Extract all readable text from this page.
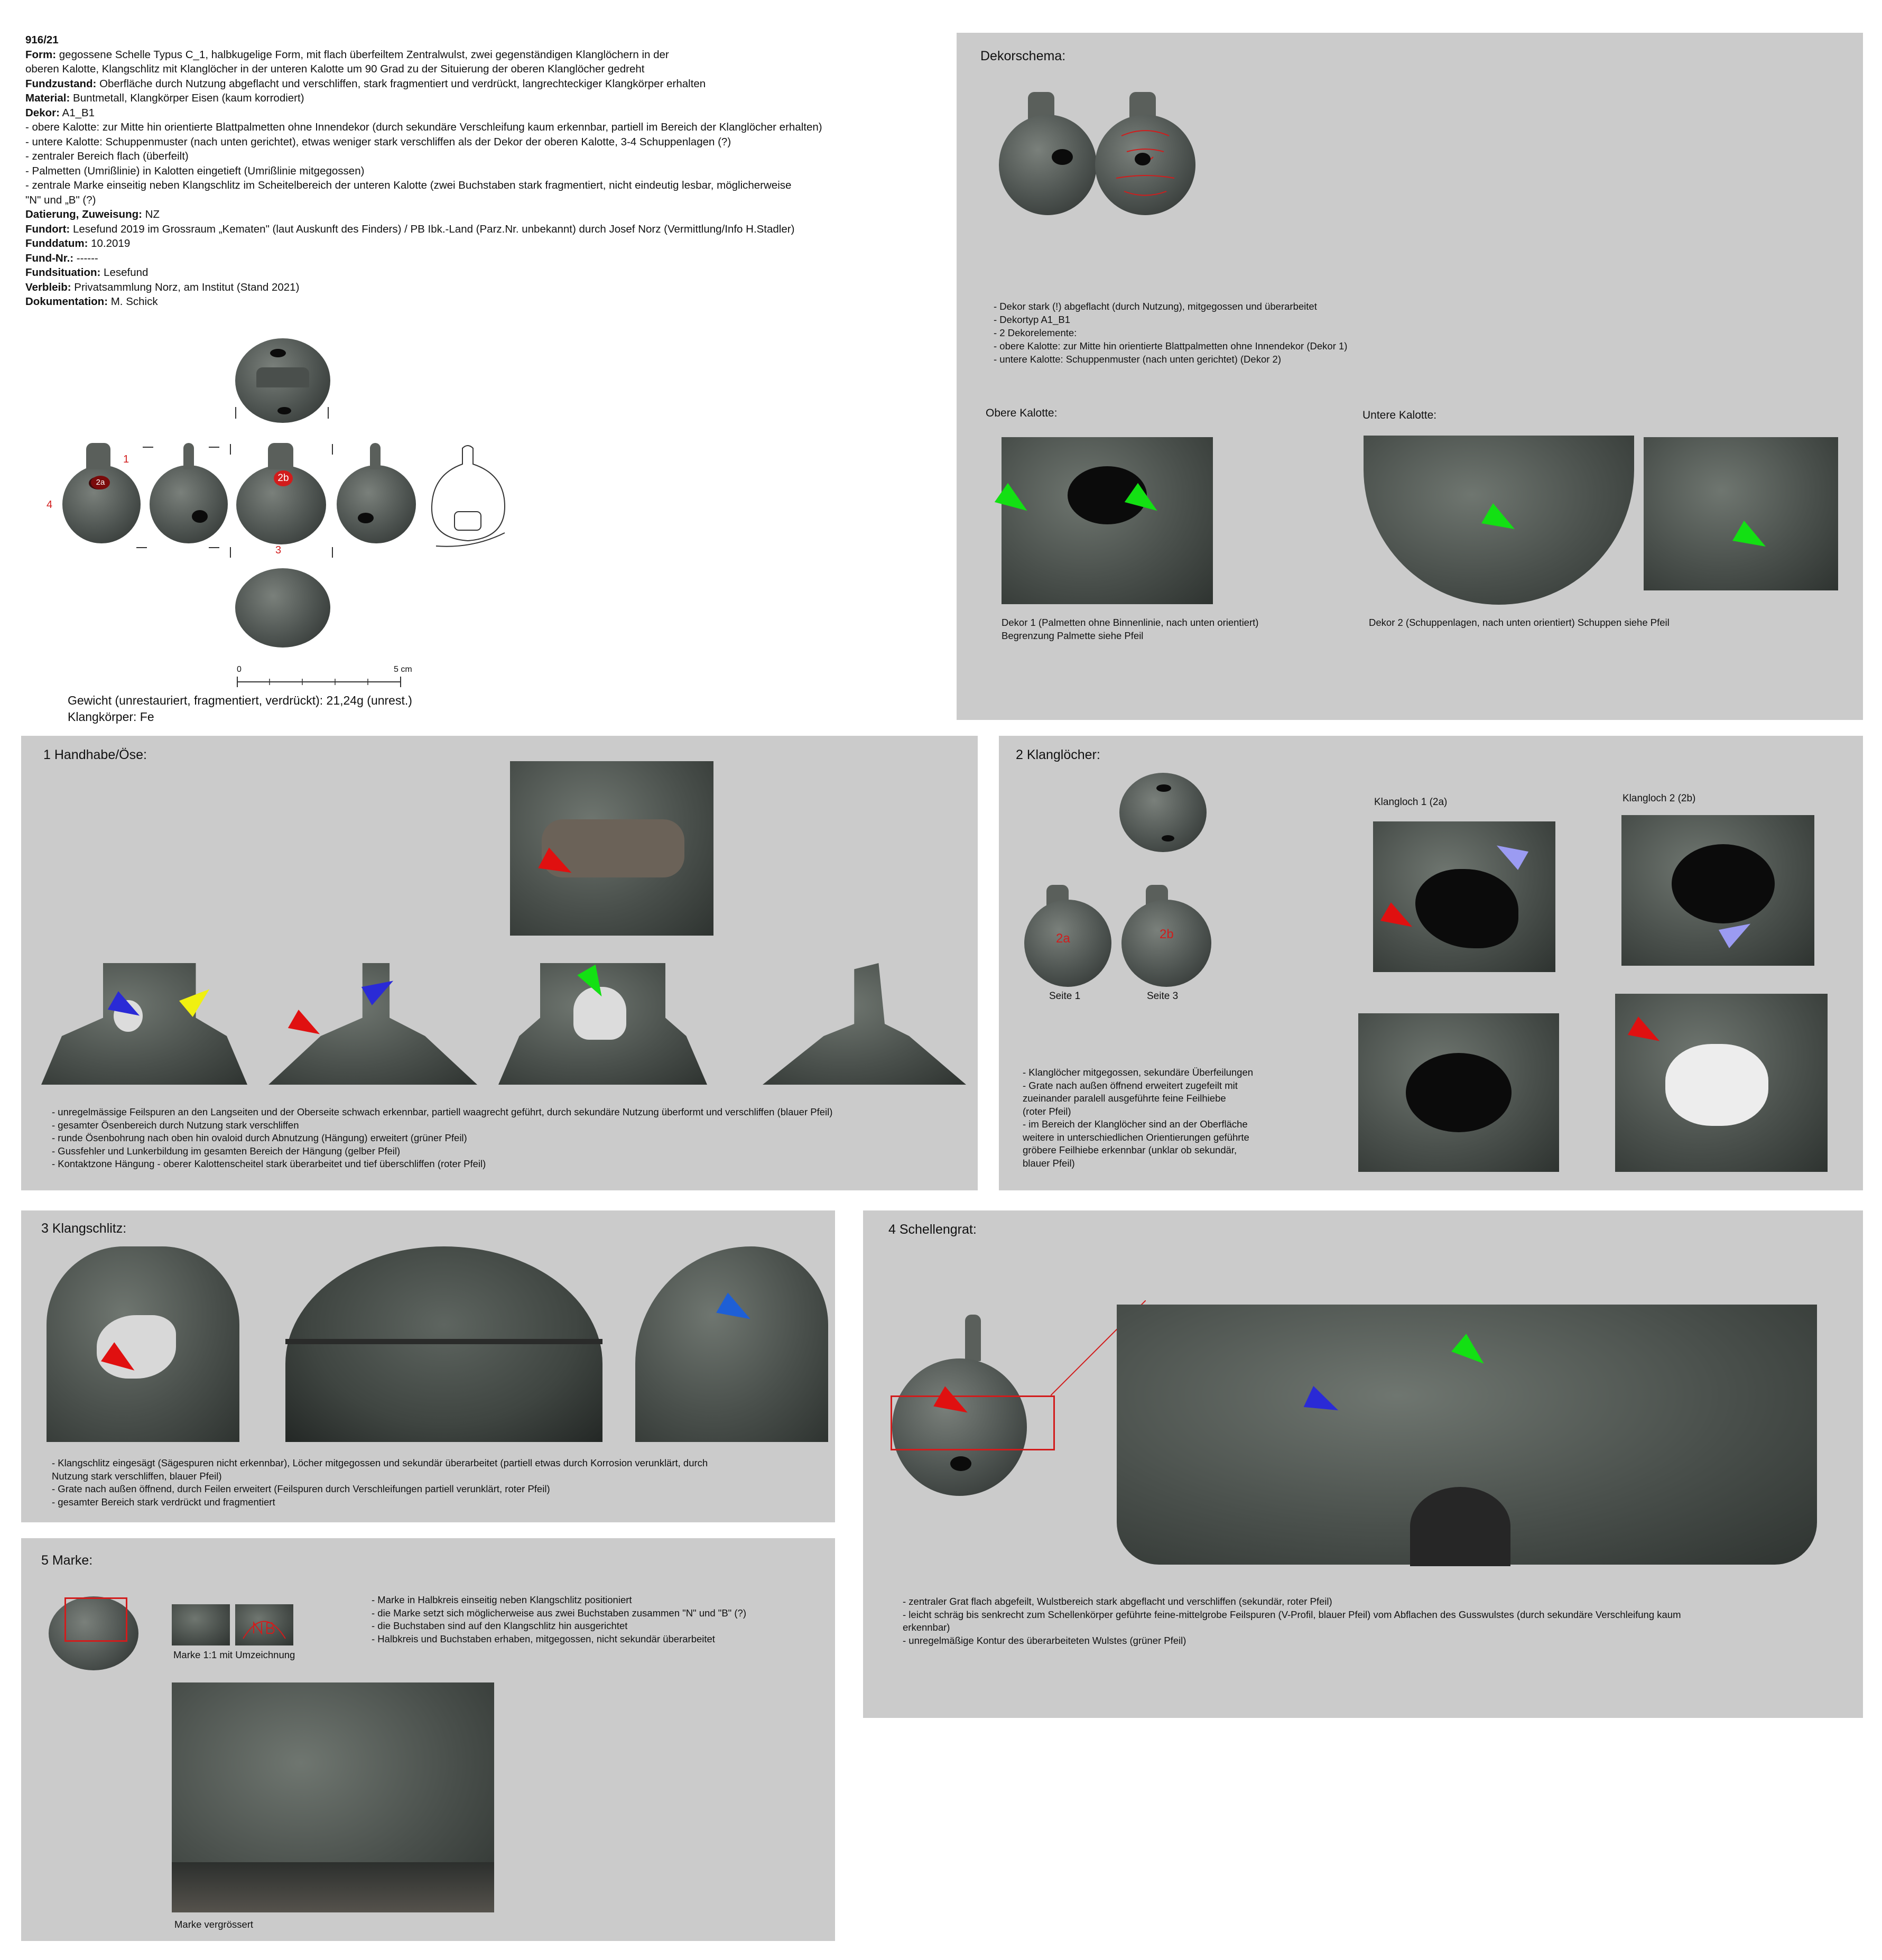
916/21
Form: gegossene Schelle Typus C_1, halbkugelige Form, mit flach überfeiltem Zentralwulst, zwei gegenständigen Klanglöchern in der
oberen Kalotte, Klangschlitz mit Klanglöcher in der unteren Kalotte um 90 Grad zu der Situierung der oberen Klanglöcher gedreht
Fundzustand: Oberfläche durch Nutzung abgeflacht und verschliffen, stark fragmentiert und verdrückt, langrechteckiger Klangkörper erhalten
Material: Buntmetall, Klangkörper Eisen (kaum korrodiert)
Dekor: A1_B1
- obere Kalotte: zur Mitte hin orientierte Blattpalmetten ohne Innendekor (durch sekundäre Verschleifung kaum erkennbar, partiell im Bereich der Klanglöcher erhalten)
- untere Kalotte: Schuppenmuster (nach unten gerichtet), etwas weniger stark verschliffen als der Dekor der oberen Kalotte, 3-4 Schuppenlagen (?)
- zentraler Bereich flach (überfeilt)
- Palmetten (Umrißlinie) in Kalotten eingetieft (Umrißlinie mitgegossen)
- zentrale Marke einseitig neben Klangschlitz im Scheitelbereich der unteren Kalotte (zwei Buchstaben stark fragmentiert, nicht eindeutig lesbar, möglicherweise
"N" und „B" (?)
Datierung, Zuweisung: NZ
Fundort: Lesefund 2019 im Grossraum „Kematen" (laut Auskunft des Finders) / PB Ibk.-Land (Parz.Nr. unbekannt) durch Josef Norz (Vermittlung/Info H.Stadler)
Funddatum: 10.2019
Fund-Nr.: ------
Fundsituation: Lesefund
Verbleib: Privatsammlung Norz, am Institut (Stand 2021)
Dokumentation: M. Schick
1
4
3
2b
2a
0	5 cm
Gewicht (unrestauriert, fragmentiert, verdrückt): 21,24g (unrest.)
Klangkörper: Fe
Dekorschema:
- Dekor stark (!) abgeflacht (durch Nutzung), mitgegossen und überarbeitet
- Dekortyp A1_B1
- 2 Dekorelemente:
- obere Kalotte: zur Mitte hin orientierte Blattpalmetten ohne Innendekor (Dekor 1)
- untere Kalotte: Schuppenmuster (nach unten gerichtet) (Dekor 2)
Obere Kalotte:	Untere Kalotte:
Dekor 1 (Palmetten ohne Binnenlinie, nach unten orientiert)
Begrenzung Palmette siehe Pfeil
Dekor 2 (Schuppenlagen, nach unten orientiert) Schuppen siehe Pfeil
1 Handhabe/Öse:
- unregelmässige Feilspuren an den Langseiten und der Oberseite schwach erkennbar, partiell waagrecht geführt, durch sekundäre Nutzung überformt und verschliffen (blauer Pfeil)
- gesamter Ösenbereich durch Nutzung stark verschliffen
- runde Ösenbohrung nach oben hin ovaloid durch Abnutzung (Hängung) erweitert (grüner Pfeil)
- Gussfehler und Lunkerbildung im gesamten Bereich der Hängung (gelber Pfeil)
- Kontaktzone Hängung - oberer Kalottenscheitel stark überarbeitet und tief überschliffen (roter Pfeil)
2 Klanglöcher:
2a	2b
Seite 1	Seite 3
Klangloch 1 (2a)	Klangloch 2 (2b)
- Klanglöcher mitgegossen, sekundäre Überfeilungen
- Grate nach außen öffnend erweitert zugefeilt mit
zueinander paralell ausgeführte feine Feilhiebe
(roter Pfeil)
- im Bereich der Klanglöcher sind an der Oberfläche
weitere in unterschiedlichen Orientierungen geführte
gröbere Feilhiebe erkennbar (unklar ob sekundär,
blauer Pfeil)
3 Klangschlitz:
- Klangschlitz eingesägt (Sägespuren nicht erkennbar), Löcher mitgegossen und sekundär überarbeitet (partiell etwas durch Korrosion verunklärt, durch
Nutzung stark verschliffen, blauer Pfeil)
- Grate nach außen öffnend, durch Feilen erweitert (Feilspuren durch Verschleifungen partiell verunklärt, roter Pfeil)
- gesamter Bereich stark verdrückt und fragmentiert
4 Schellengrat:
- zentraler Grat flach abgefeilt, Wulstbereich stark abgeflacht und verschliffen (sekundär, roter Pfeil)
- leicht schräg bis senkrecht zum Schellenkörper geführte feine-mittelgrobe Feilspuren (V-Profil, blauer Pfeil) vom Abflachen des Gusswulstes (durch sekundäre Verschleifung kaum
erkennbar)
- unregelmäßige Kontur des überarbeiteten Wulstes (grüner Pfeil)
5 Marke:
Marke 1:1 mit Umzeichnung
- Marke in Halbkreis einseitig neben Klangschlitz positioniert
- die Marke setzt sich möglicherweise aus zwei Buchstaben zusammen "N" und "B" (?)
- die Buchstaben sind auf den Klangschlitz hin ausgerichtet
- Halbkreis und Buchstaben erhaben, mitgegossen, nicht sekundär überarbeitet
Marke vergrössert
